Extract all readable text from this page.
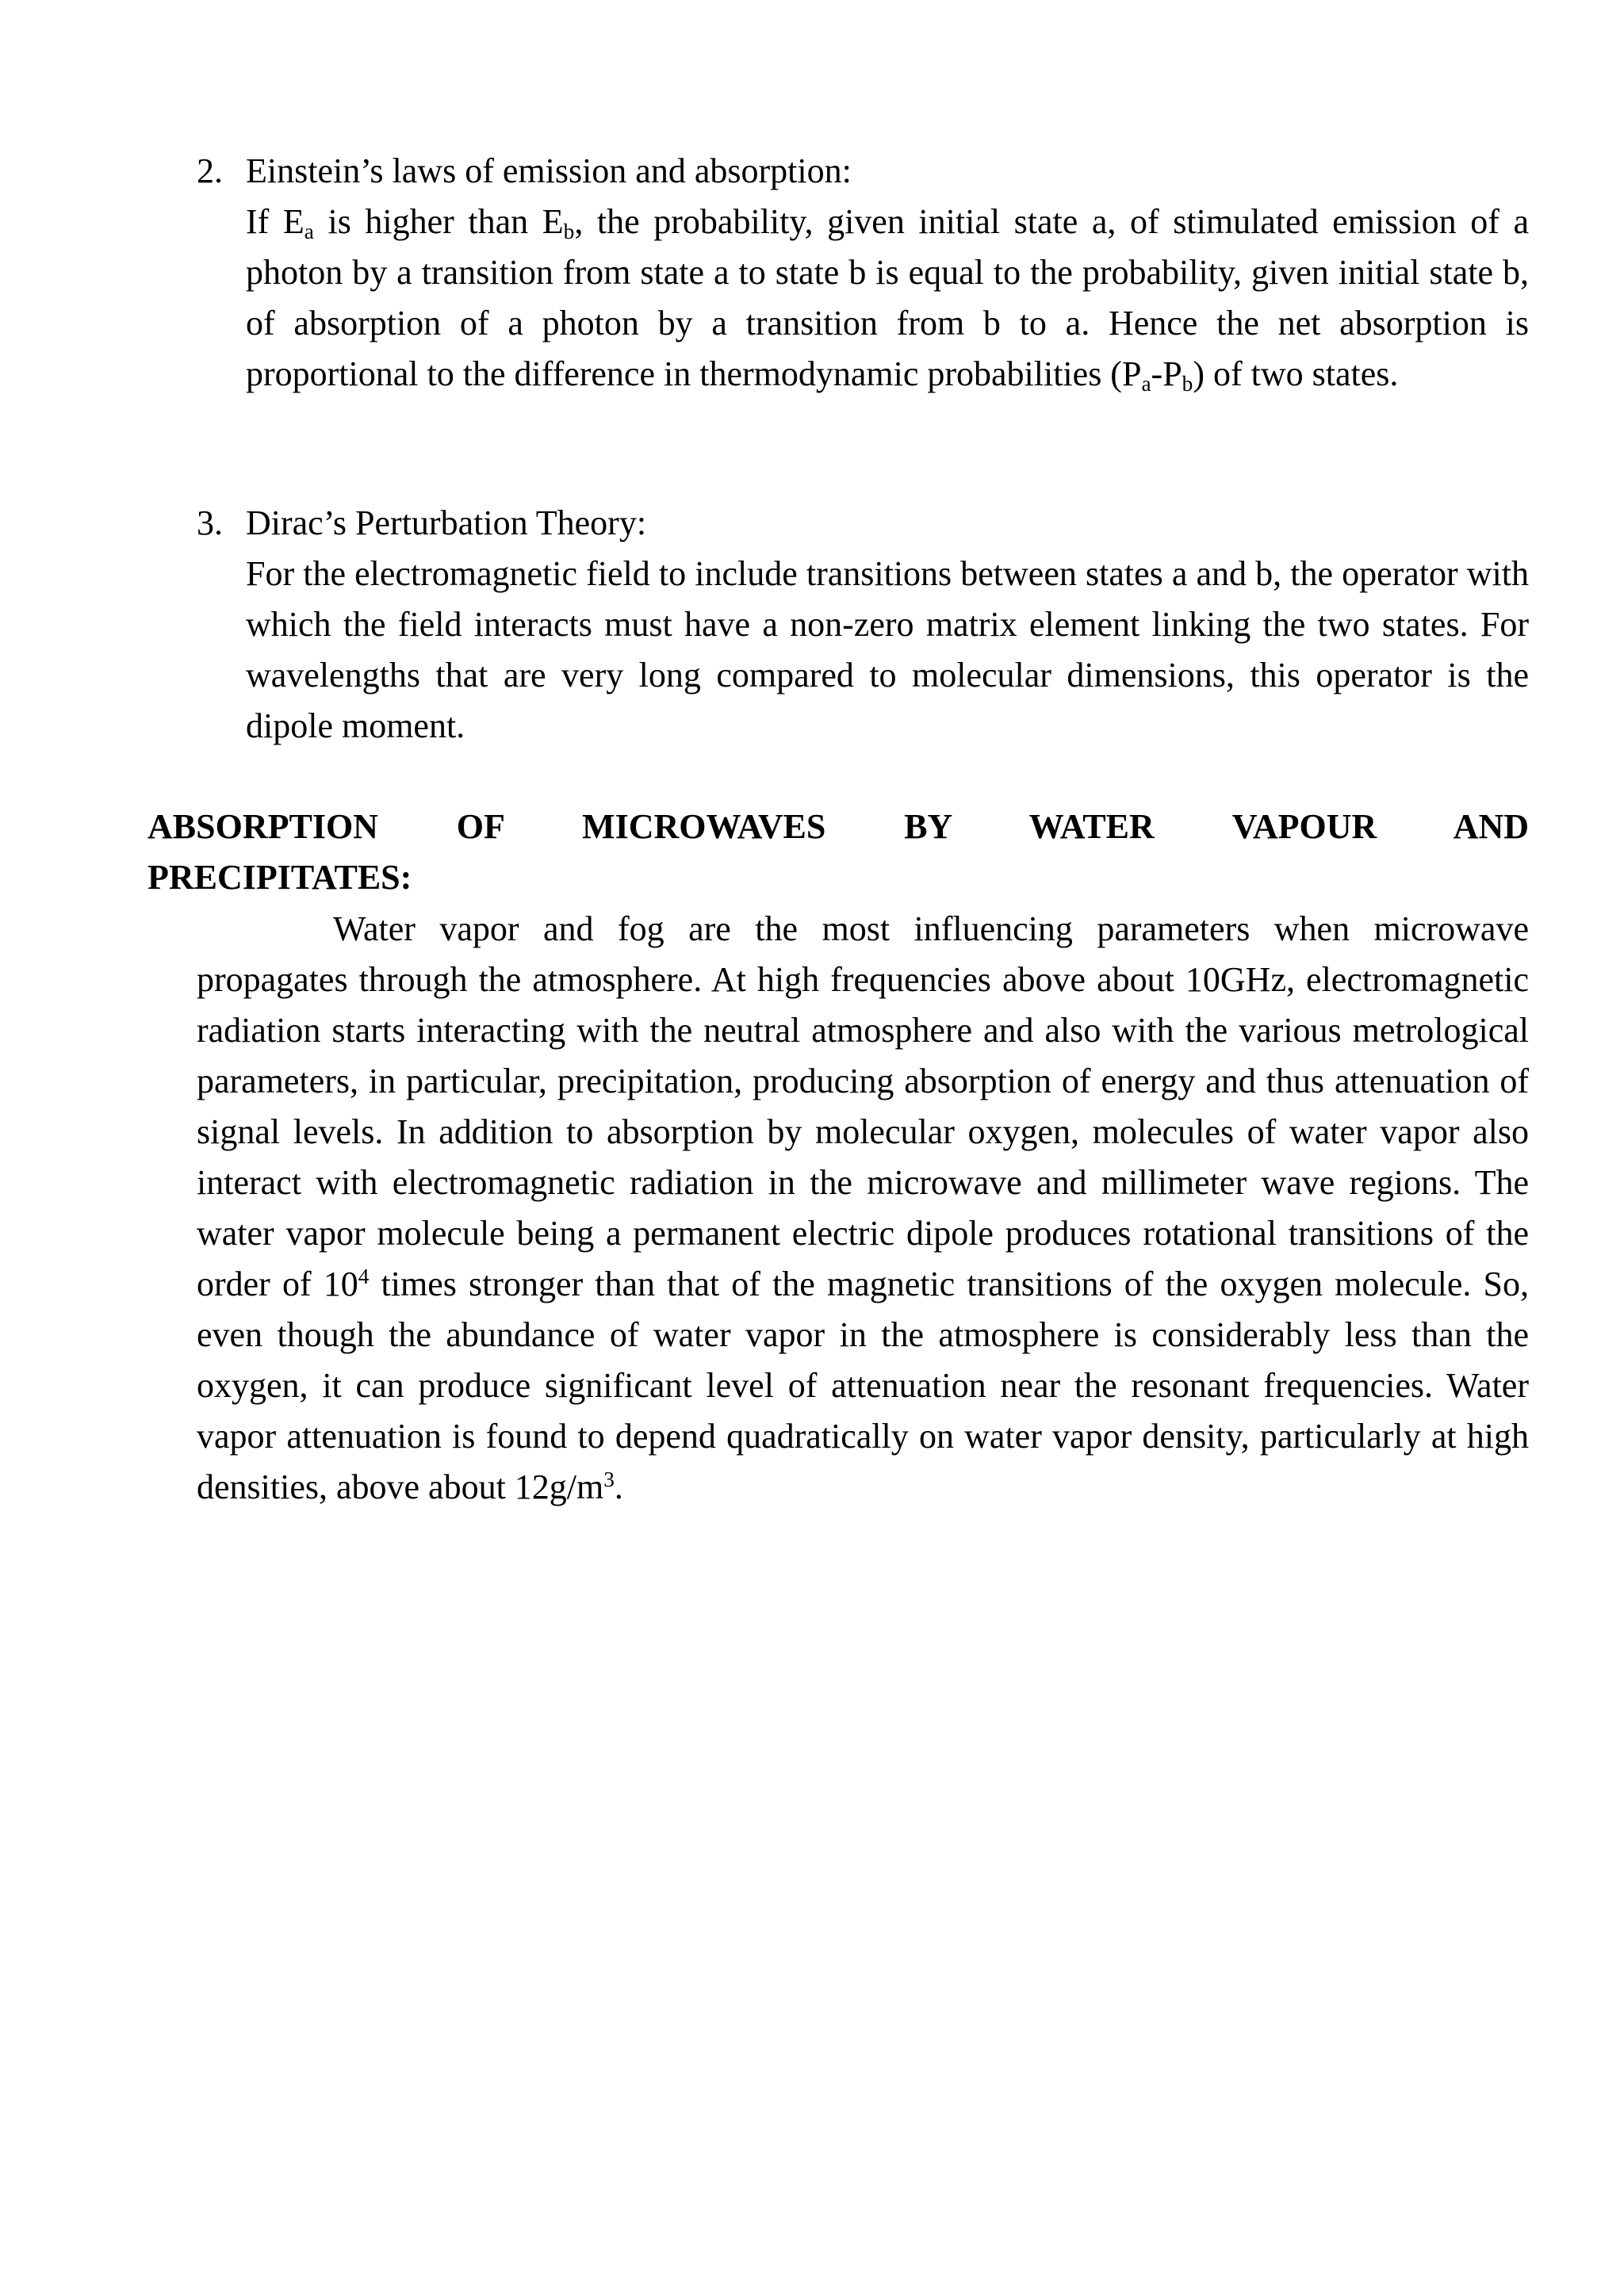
2. Einstein’s laws of emission and absorption:
If $E_a$ is higher than $E_b$, the probability, given initial state a, of stimulated emission of a photon by a transition from state a to state b is equal to the probability, given initial state b, of absorption of a photon by a transition from b to a. Hence the net absorption is proportional to the difference in thermodynamic probabilities $(P_a-P_b)$ of two states.
3. Dirac’s Perturbation Theory:
For the electromagnetic field to include transitions between states a and b, the operator with which the field interacts must have a non-zero matrix element linking the two states. For wavelengths that are very long compared to molecular dimensions, this operator is the dipole moment.
ABSORPTION OF MICROWAVES BY WATER VAPOUR AND
PRECIPITATES:
Water vapor and fog are the most influencing parameters when microwave propagates through the atmosphere. At high frequencies above about 10GHz, electromagnetic radiation starts interacting with the neutral atmosphere and also with the various metrological parameters, in particular, precipitation, producing absorption of energy and thus attenuation of signal levels. In addition to absorption by molecular oxygen, molecules of water vapor also interact with electromagnetic radiation in the microwave and millimeter wave regions. The water vapor molecule being a permanent electric dipole produces rotational transitions of the order of $10^4$ times stronger than that of the magnetic transitions of the oxygen molecule. So, even though the abundance of water vapor in the atmosphere is considerably less than the oxygen, it can produce significant level of attenuation near the resonant frequencies. Water vapor attenuation is found to depend quadratically on water vapor density, particularly at high densities, above about $12g/m^3$.
